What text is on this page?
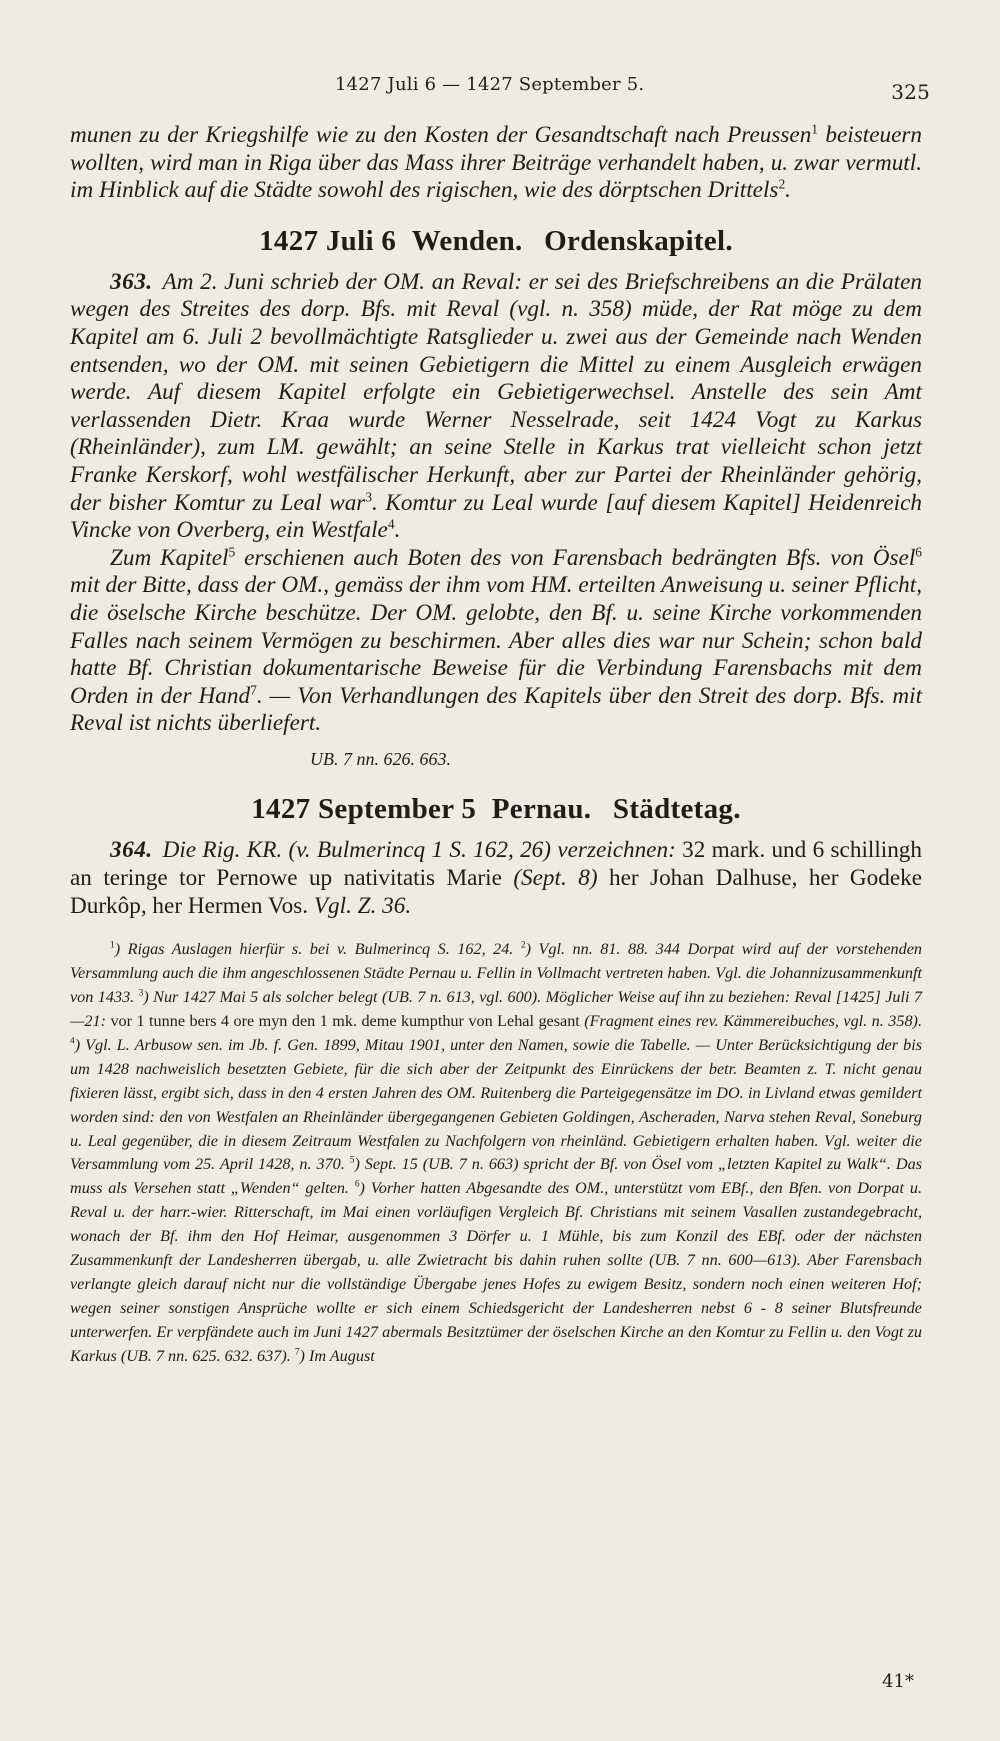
1427 Juli 6 — 1427 September 5.	325

munen zu der Kriegshilfe wie zu den Kosten der Gesandtschaft nach Preussen$^1$ beisteuern wollten, wird man in Riga über das Mass ihrer Beiträge verhandelt haben, u. zwar vermutl. im Hinblick auf die Städte sowohl des rigischen, wie des dörptschen Drittels$^2$.

1427 Juli 6 Wenden. Ordenskapitel.

363. Am 2. Juni schrieb der OM. an Reval: er sei des Briefschreibens an die Prälaten wegen des Streites des dorp. Bfs. mit Reval (vgl. n. 358) müde, der Rat möge zu dem Kapitel am 6. Juli 2 bevollmächtigte Ratsglieder u. zwei aus der Gemeinde nach Wenden entsenden, wo der OM. mit seinen Gebietigern die Mittel zu einem Ausgleich erwägen werde. Auf diesem Kapitel erfolgte ein Gebietigerwechsel. Anstelle des sein Amt verlassenden Dietr. Kraa wurde Werner Nesselrade, seit 1424 Vogt zu Karkus (Rheinländer), zum LM. gewählt; an seine Stelle in Karkus trat vielleicht schon jetzt Franke Kerskorf, wohl westfälischer Herkunft, aber zur Partei der Rheinländer gehörig, der bisher Komtur zu Leal war$^3$. Komtur zu Leal wurde [auf diesem Kapitel] Heidenreich Vincke von Overberg, ein Westfale$^4$.

Zum Kapitel$^5$ erschienen auch Boten des von Farensbach bedrängten Bfs. von Ösel$^6$ mit der Bitte, dass der OM., gemäss der ihm vom HM. erteilten Anweisung u. seiner Pflicht, die öselsche Kirche beschütze. Der OM. gelobte, den Bf. u. seine Kirche vorkommenden Falles nach seinem Vermögen zu beschirmen. Aber alles dies war nur Schein; schon bald hatte Bf. Christian dokumentarische Beweise für die Verbindung Farensbachs mit dem Orden in der Hand$^7$. — Von Verhandlungen des Kapitels über den Streit des dorp. Bfs. mit Reval ist nichts überliefert.

UB. 7 nn. 626. 663.

1427 September 5 Pernau. Städtetag.

364. Die Rig. KR. (v. Bulmerincq 1 S. 162, 26) verzeichnen: 32 mark. und 6 schillingh an teringe tor Pernowe up nativitatis Marie (Sept. 8) her Johan Dalhuse, her Godeke Durkôp, her Hermen Vos. Vgl. Z. 36.

$^1$) Rigas Auslagen hierfür s. bei v. Bulmerincq S. 162, 24. $^2$) Vgl. nn. 81. 88. 344 Dorpat wird auf der vorstehenden Versammlung auch die ihm angeschlossenen Städte Pernau u. Fellin in Vollmacht vertreten haben. Vgl. die Johannizusammenkunft von 1433. $^3$) Nur 1427 Mai 5 als solcher belegt (UB. 7 n. 613, vgl. 600). Möglicher Weise auf ihn zu beziehen: Reval [1425] Juli 7—21: vor 1 tunne bers 4 ore myn den 1 mk. deme kumpthur von Lehal gesant (Fragment eines rev. Kämmereibuches, vgl. n. 358). $^4$) Vgl. L. Arbusow sen. im Jb. f. Gen. 1899, Mitau 1901, unter den Namen, sowie die Tabelle. — Unter Berücksichtigung der bis um 1428 nachweislich besetzten Gebiete, für die sich aber der Zeitpunkt des Einrückens der betr. Beamten z. T. nicht genau fixieren lässt, ergibt sich, dass in den 4 ersten Jahren des OM. Ruitenberg die Parteigegensätze im DO. in Livland etwas gemildert worden sind: den von Westfalen an Rheinländer übergegangenen Gebieten Goldingen, Ascheraden, Narva stehen Reval, Soneburg u. Leal gegenüber, die in diesem Zeitraum Westfalen zu Nachfolgern von rheinländ. Gebietigern erhalten haben. Vgl. weiter die Versammlung vom 25. April 1428, n. 370. $^5$) Sept. 15 (UB. 7 n. 663) spricht der Bf. von Ösel vom „letzten Kapitel zu Walk“. Das muss als Versehen statt „Wenden“ gelten. $^6$) Vorher hatten Abgesandte des OM., unterstützt vom EBf., den Bfen. von Dorpat u. Reval u. der harr.-wier. Ritterschaft, im Mai einen vorläufigen Vergleich Bf. Christians mit seinem Vasallen zustandegebracht, wonach der Bf. ihm den Hof Heimar, ausgenommen 3 Dörfer u. 1 Mühle, bis zum Konzil des EBf. oder der nächsten Zusammenkunft der Landesherren übergab, u. alle Zwietracht bis dahin ruhen sollte (UB. 7 nn. 600—613). Aber Farensbach verlangte gleich darauf nicht nur die vollständige Übergabe jenes Hofes zu ewigem Besitz, sondern noch einen weiteren Hof; wegen seiner sonstigen Ansprüche wollte er sich einem Schiedsgericht der Landesherren nebst 6 - 8 seiner Blutsfreunde unterwerfen. Er verpfändete auch im Juni 1427 abermals Besitztümer der öselschen Kirche an den Komtur zu Fellin u. den Vogt zu Karkus (UB. 7 nn. 625. 632. 637). $^7$) Im August
41*
